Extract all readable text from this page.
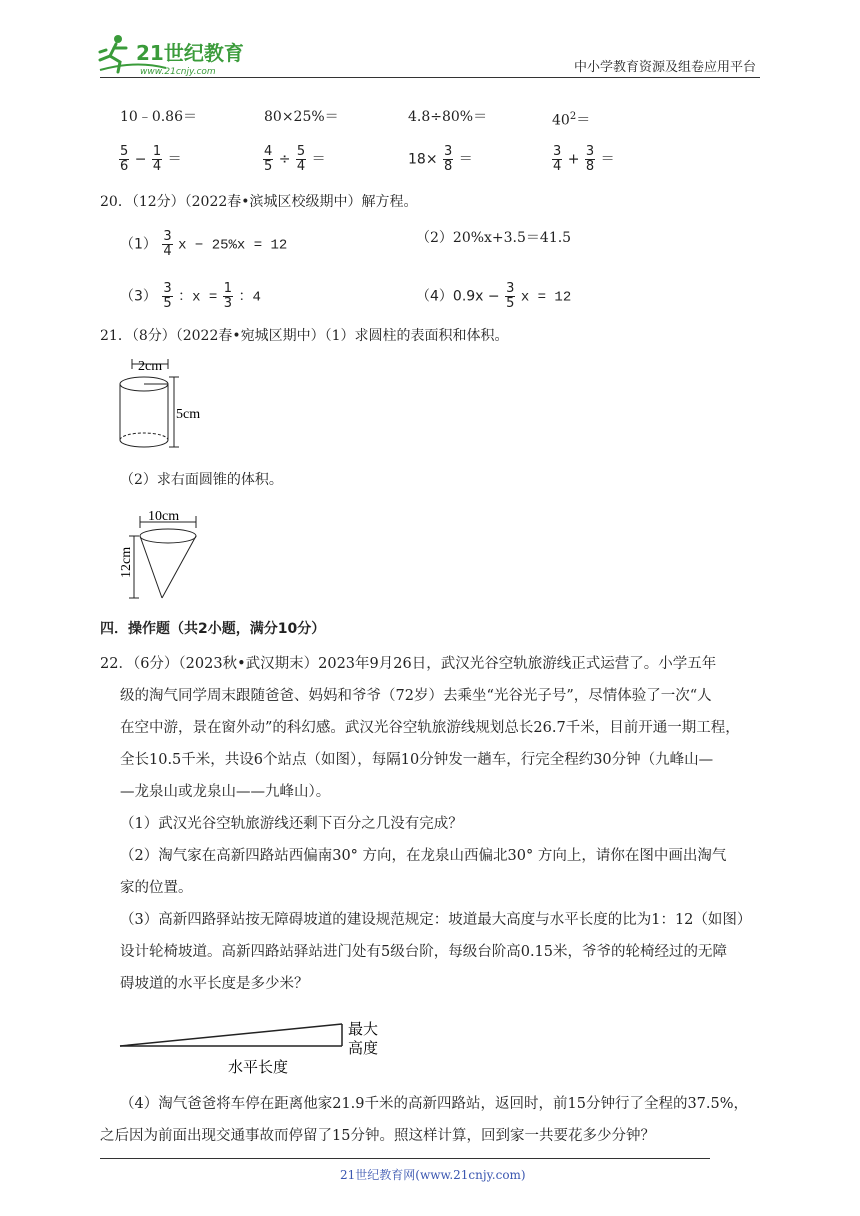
21世纪教育
www.21cnjy.com	中小学教育资源及组卷应用平台
10﹣0.86＝	80×25%＝	4.8÷80%＝	$40^2=$
$\frac{5}{6} - \frac{1}{4}$ ＝	$\frac{4}{5} \div \frac{5}{4}$ ＝	$18\times \frac{3}{8}$ ＝	$\frac{3}{4} + \frac{3}{8}$ ＝
20．（12分）（2022春•滨城区校级期中）解方程。
$(1) \frac{3}{4}$ x − 25%x = 12	（2）20%x+3.5＝41.5
$(3) \frac{3}{5}$ ：$x = \frac{1}{3}$ ：4	$(4)0.9x - \frac{3}{5}$ x = 12
21．（8分）（2022春•宛城区期中）（1）求圆柱的表面积和体积。
2cm
5cm
（2）求右面圆锥的体积。
10cm
12cm
四．操作题（共2小题，满分10分）
22．（6分）（2023秋•武汉期末）2023年9月26日，武汉光谷空轨旅游线正式运营了。小学五年
级的淘气同学周末跟随爸爸、妈妈和爷爷（72岁）去乘坐“光谷光子号”，尽情体验了一次“人
在空中游，景在窗外动”的科幻感。武汉光谷空轨旅游线规划总长26.7千米，目前开通一期工程，
全长10.5千米，共设6个站点（如图），每隔10分钟发一趟车，行完全程约30分钟（九峰山—
—龙泉山或龙泉山——九峰山）。
（1）武汉光谷空轨旅游线还剩下百分之几没有完成？
（2）淘气家在高新四路站西偏南30° 方向，在龙泉山西偏北30° 方向上，请你在图中画出淘气
家的位置。
（3）高新四路驿站按无障碍坡道的建设规范规定：坡道最大高度与水平长度的比为1：12（如图）
设计轮椅坡道。高新四路站驿站进门处有5级台阶，每级台阶高0.15米，爷爷的轮椅经过的无障
碍坡道的水平长度是多少米？
最大
高度
水平长度
（4）淘气爸爸将车停在距离他家21.9千米的高新四路站，返回时，前15分钟行了全程的37.5%，
之后因为前面出现交通事故而停留了15分钟。照这样计算，回到家一共要花多少分钟？
21世纪教育网(www.21cnjy.com)
